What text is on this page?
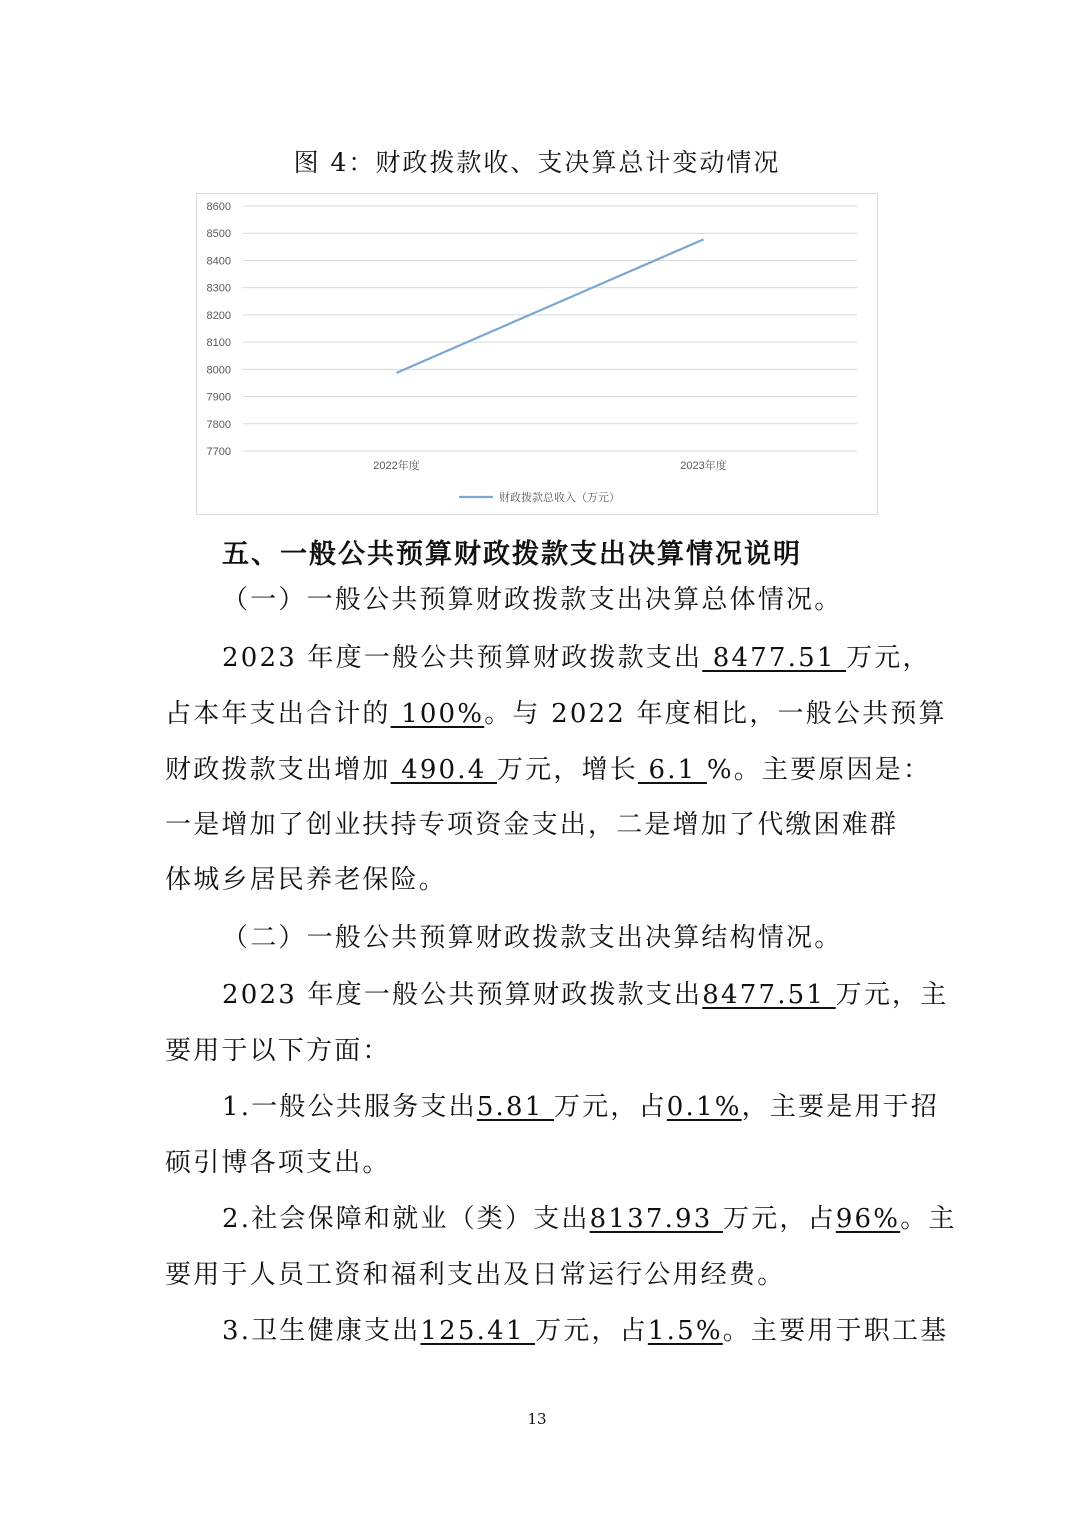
图 4：财政拨款收、支决算总计变动情况
8600
8500
8400
8300
8200
8100
8000
7900
7800
7700
2022年度	2023年度
财政拨款总收入（万元）
五、一般公共预算财政拨款支出决算情况说明
（一）一般公共预算财政拨款支出决算总体情况。
2023 年度一般公共预算财政拨款支出 8477.51 万元，
占本年支出合计的 100%。与 2022 年度相比，一般公共预算
财政拨款支出增加 490.4 万元，增长 6.1 %。主要原因是：
一是增加了创业扶持专项资金支出，二是增加了代缴困难群
体城乡居民养老保险。
（二）一般公共预算财政拨款支出决算结构情况。
2023 年度一般公共预算财政拨款支出8477.51 万元，主
要用于以下方面：
1.一般公共服务支出5.81 万元，占0.1%，主要是用于招
硕引博各项支出。
2.社会保障和就业（类）支出8137.93 万元，占96%。主
要用于人员工资和福利支出及日常运行公用经费。
3.卫生健康支出125.41 万元，占1.5%。主要用于职工基
13
